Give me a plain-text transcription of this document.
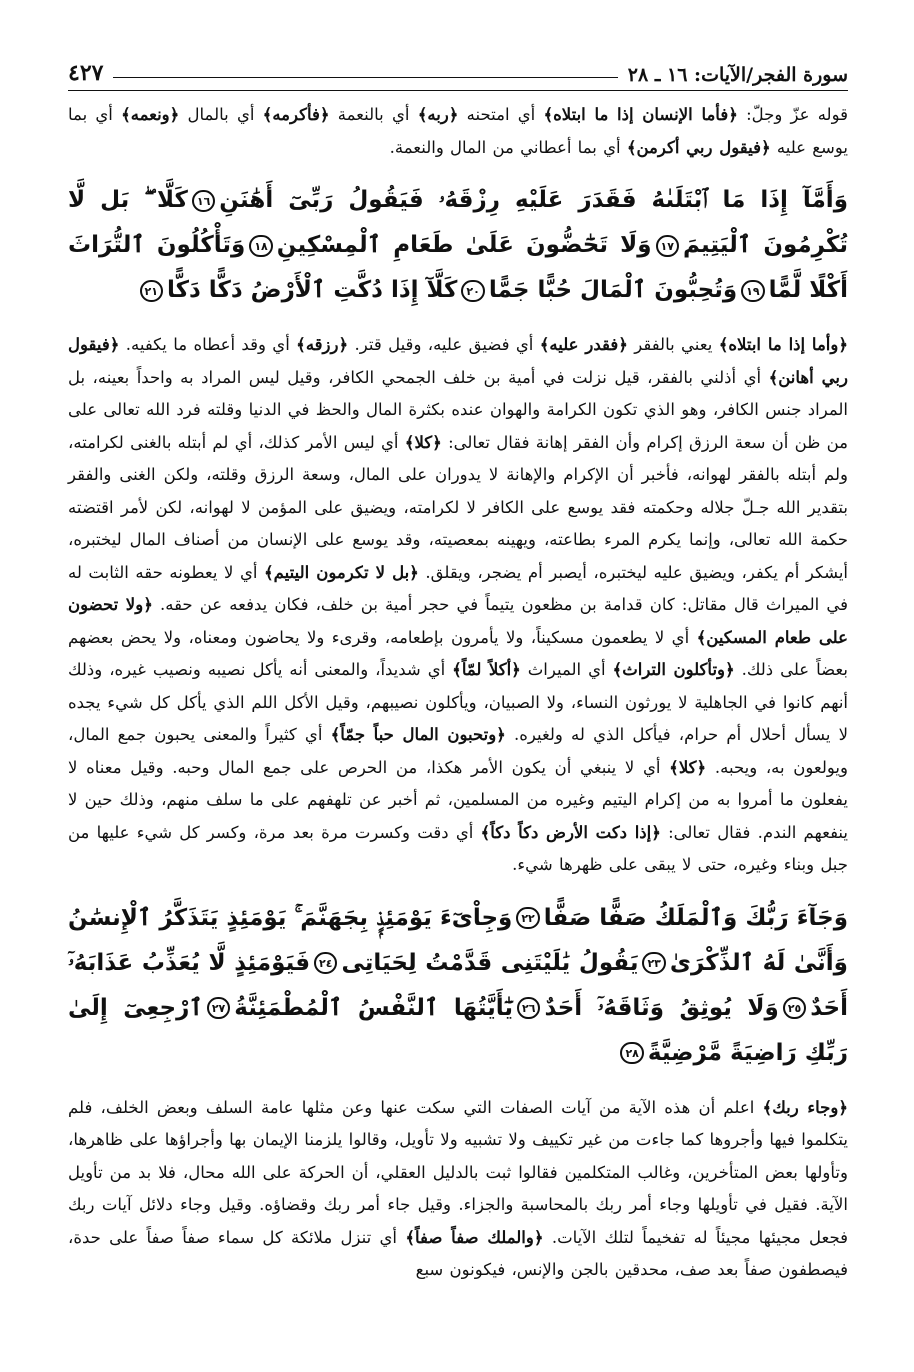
سورة الفجر/الآيات: ١٦ ـ ٢٨
٤٢٧

قوله عزّ وجلّ: ﴿فأما الإنسان إذا ما ابتلاه﴾ أي امتحنه ﴿ربه﴾ أي بالنعمة ﴿فأكرمه﴾ أي بالمال ﴿ونعمه﴾ أي بما يوسع عليه ﴿فيقول ربي أكرمن﴾ أي بما أعطاني من المال والنعمة.

وَأَمَّآ إِذَا مَا ٱبْتَلَىٰهُ فَقَدَرَ عَلَيْهِ رِزْقَهُۥ فَيَقُولُ رَبِّىٓ أَهَٰنَنِ١٦كَلَّا ۖ بَل لَّا تُكْرِمُونَ ٱلْيَتِيمَ١٧وَلَا تَحَٰٓضُّونَ عَلَىٰ طَعَامِ ٱلْمِسْكِينِ١٨وَتَأْكُلُونَ ٱلتُّرَاثَ أَكْلًا لَّمًّا١٩وَتُحِبُّونَ ٱلْمَالَ حُبًّا جَمًّا٢٠كَلَّآ إِذَا دُكَّتِ ٱلْأَرْضُ دَكًّا دَكًّا٢١

﴿وأما إذا ما ابتلاه﴾ يعني بالفقر ﴿فقدر عليه﴾ أي فضيق عليه، وقيل قتر. ﴿رزقه﴾ أي وقد أعطاه ما يكفيه. ﴿فيقول ربي أهانن﴾ أي أذلني بالفقر، قيل نزلت في أمية بن خلف الجمحي الكافر، وقيل ليس المراد به واحداً بعينه، بل المراد جنس الكافر، وهو الذي تكون الكرامة والهوان عنده بكثرة المال والحظ في الدنيا وقلته فرد الله تعالى على من ظن أن سعة الرزق إكرام وأن الفقر إهانة فقال تعالى: ﴿كلا﴾ أي ليس الأمر كذلك، أي لم أبتله بالغنى لكرامته، ولم أبتله بالفقر لهوانه، فأخبر أن الإكرام والإهانة لا يدوران على المال، وسعة الرزق وقلته، ولكن الغنى والفقر بتقدير الله جـلّ جلاله وحكمته فقد يوسع على الكافر لا لكرامته، ويضيق على المؤمن لا لهوانه، لكن لأمر اقتضته حكمة الله تعالى، وإنما يكرم المرء بطاعته، ويهينه بمعصيته، وقد يوسع على الإنسان من أصناف المال ليختبره، أيشكر أم يكفر، ويضيق عليه ليختبره، أيصبر أم يضجر، ويقلق. ﴿بل لا تكرمون اليتيم﴾ أي لا يعطونه حقه الثابت له في الميراث قال مقاتل: كان قدامة بن مظعون يتيماً في حجر أمية بن خلف، فكان يدفعه عن حقه. ﴿ولا تحضون على طعام المسكين﴾ أي لا يطعمون مسكيناً، ولا يأمرون بإطعامه، وقرىء ولا يحاضون ومعناه، ولا يحض بعضهم بعضاً على ذلك. ﴿وتأكلون التراث﴾ أي الميراث ﴿أكلاً لمّاً﴾ أي شديداً، والمعنى أنه يأكل نصيبه ونصيب غيره، وذلك أنهم كانوا في الجاهلية لا يورثون النساء، ولا الصبيان، ويأكلون نصيبهم، وقيل الأكل اللم الذي يأكل كل شيء يجده لا يسأل أحلال أم حرام، فيأكل الذي له ولغيره. ﴿وتحبون المال حباً جمّاً﴾ أي كثيراً والمعنى يحبون جمع المال، ويولعون به، ويحبه. ﴿كلا﴾ أي لا ينبغي أن يكون الأمر هكذا، من الحرص على جمع المال وحبه. وقيل معناه لا يفعلون ما أمروا به من إكرام اليتيم وغيره من المسلمين، ثم أخبر عن تلهفهم على ما سلف منهم، وذلك حين لا ينفعهم الندم. فقال تعالى: ﴿إذا دكت الأرض دكاً دكاً﴾ أي دقت وكسرت مرة بعد مرة، وكسر كل شيء عليها من جبل وبناء وغيره، حتى لا يبقى على ظهرها شيء.

وَجَآءَ رَبُّكَ وَٱلْمَلَكُ صَفًّا صَفًّا٢٢وَجِاْىٓءَ يَوْمَئِذٍۭ بِجَهَنَّمَ ۚ يَوْمَئِذٍ يَتَذَكَّرُ ٱلْإِنسَٰنُ وَأَنَّىٰ لَهُ ٱلذِّكْرَىٰ٢٣يَقُولُ يَٰلَيْتَنِى قَدَّمْتُ لِحَيَاتِى٢٤فَيَوْمَئِذٍ لَّا يُعَذِّبُ عَذَابَهُۥٓ أَحَدٌ٢٥وَلَا يُوثِقُ وَثَاقَهُۥٓ أَحَدٌ٢٦يَٰٓأَيَّتُهَا ٱلنَّفْسُ ٱلْمُطْمَئِنَّةُ٢٧ٱرْجِعِىٓ إِلَىٰ رَبِّكِ رَاضِيَةً مَّرْضِيَّةً٢٨

﴿وجاء ربك﴾ اعلم أن هذه الآية من آيات الصفات التي سكت عنها وعن مثلها عامة السلف وبعض الخلف، فلم يتكلموا فيها وأجروها كما جاءت من غير تكييف ولا تشبيه ولا تأويل، وقالوا يلزمنا الإيمان بها وأجراؤها على ظاهرها، وتأولها بعض المتأخرين، وغالب المتكلمين فقالوا ثبت بالدليل العقلي، أن الحركة على الله محال، فلا بد من تأويل الآية. فقيل في تأويلها وجاء أمر ربك بالمحاسبة والجزاء. وقيل جاء أمر ربك وقضاؤه. وقيل وجاء دلائل آيات ربك فجعل مجيئها مجيئاً له تفخيماً لتلك الآيات. ﴿والملك صفاً صفاً﴾ أي تنزل ملائكة كل سماء صفاً صفاً على حدة، فيصطفون صفاً بعد صف، محدقين بالجن والإنس، فيكونون سبع
